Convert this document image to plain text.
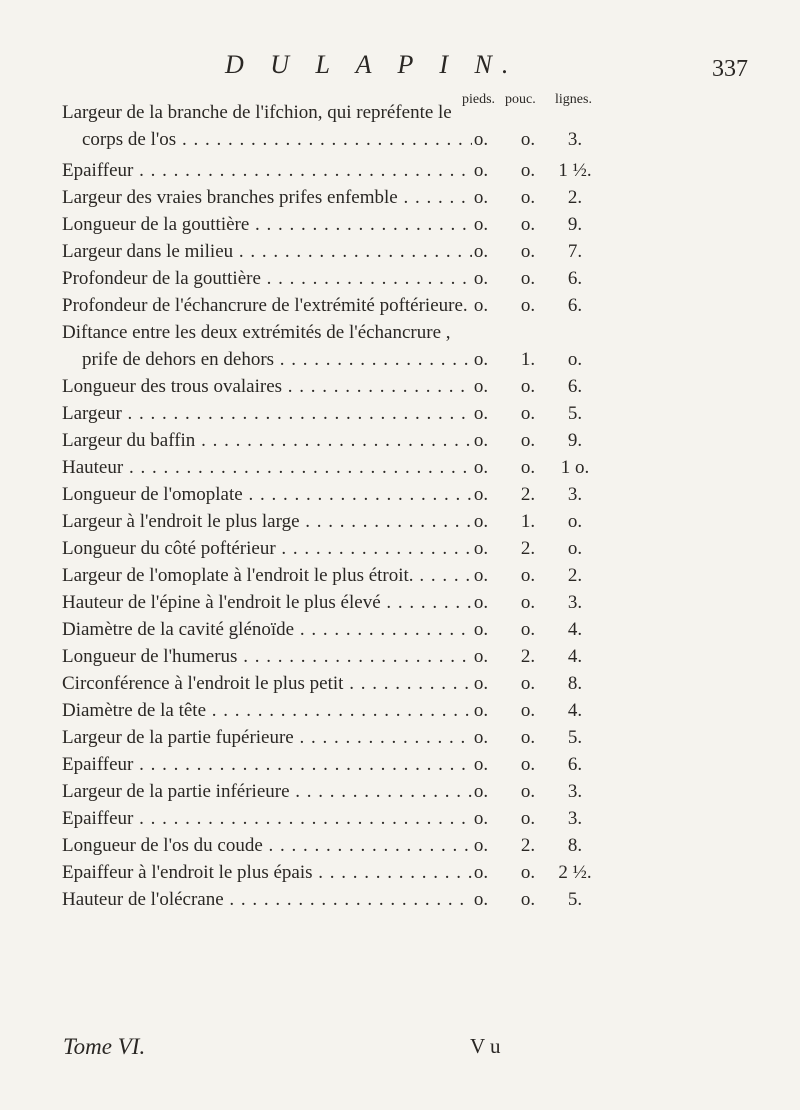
D U L A P I N.	337
pieds. pouc. lignes.
Largeur de la branche de l'ifchion, qui repréfente le
corps de l'os . . .	o.	o.	3.
Epaiffeur . . .	o.	o.	1 ½.
Largeur des vraies branches prifes enfemble . . .	o.	o.	2.
Longueur de la gouttière . . .	o.	o.	9.
Largeur dans le milieu . . .	o.	o.	7.
Profondeur de la gouttière . . .	o.	o.	6.
Profondeur de l'échancrure de l'extrémité poftérieure. o.	o.	6.
Diftance entre les deux extrémités de l'échancrure ,
prife de dehors en dehors . . .	o.	1.	o.
Longueur des trous ovalaires . . .	o.	o.	6.
Largeur . . .	o.	o.	5.
Largeur du baffin . . .	o.	o.	9.
Hauteur . . .	o.	o.	1 o.
Longueur de l'omoplate . . .	o.	2.	3.
Largeur à l'endroit le plus large . . .	o.	1.	o.
Longueur du côté poftérieur . . .	o.	2.	o.
Largeur de l'omoplate à l'endroit le plus étroit. . . .	o.	o.	2.
Hauteur de l'épine à l'endroit le plus élevé . . .	o.	o.	3.
Diamètre de la cavité glénoïde . . .	o.	o.	4.
Longueur de l'humerus . . .	o.	2.	4.
Circonférence à l'endroit le plus petit . . .	o.	o.	8.
Diamètre de la tête . . .	o.	o.	4.
Largeur de la partie fupérieure . . .	o.	o.	5.
Epaiffeur . . .	o.	o.	6.
Largeur de la partie inférieure . . .	o.	o.	3.
Epaiffeur . . .	o.	o.	3.
Longueur de l'os du coude . . .	o.	2.	8.
Epaiffeur à l'endroit le plus épais . . .	o.	o.	2 ½.
Hauteur de l'olécrane . . .	o.	o.	5.
Tome VI.	V u
